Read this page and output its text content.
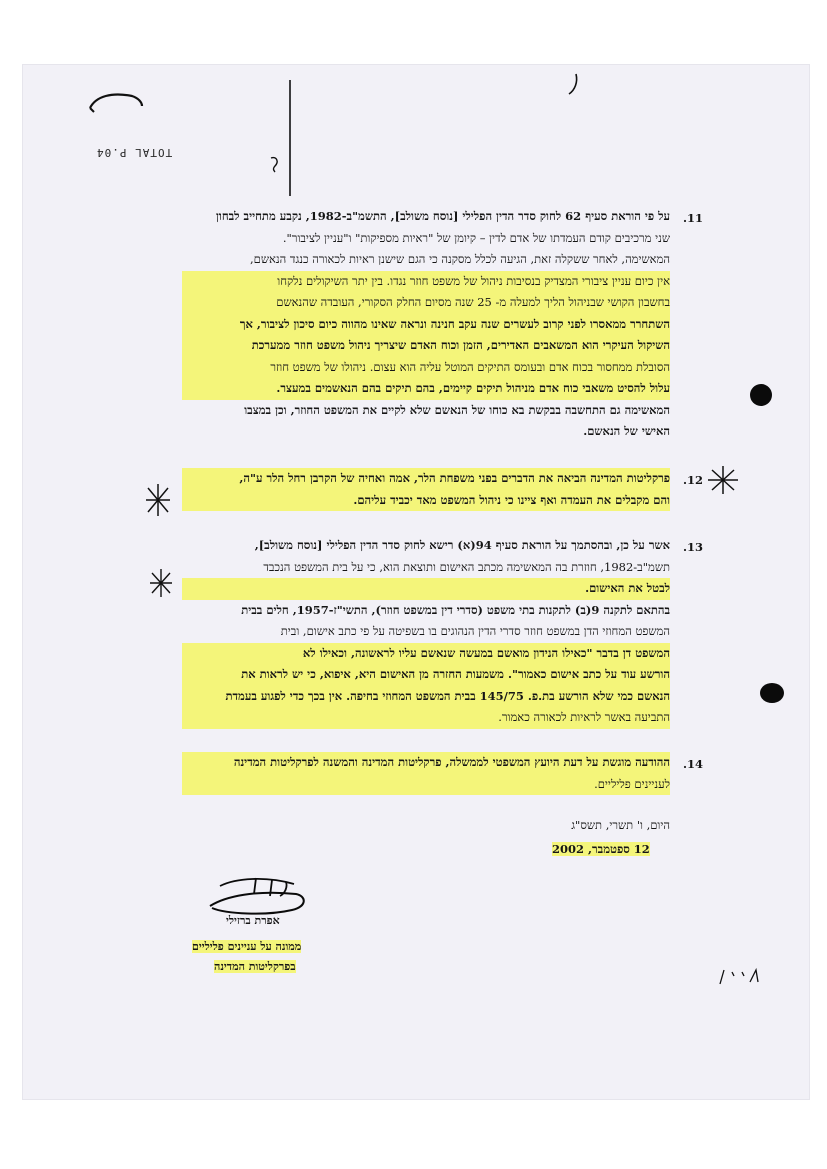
TOTAL P.04
.11
על פי הוראת סעיף 62 לחוק סדר הדין הפלילי [נוסח משולב], התשמ"ב-1982, נקבע מתחייב לבחון
שני מרכיבים קודם העמדתו של אדם לדין – קיומן של "ראיות מספיקות" ו"עניין לציבור".
המאשימה, לאחר ששקלה זאת, הגיעה לכלל מסקנה כי הגם שישנן ראיות לכאורה כנגד הנאשם,
אין כיום עניין ציבורי המצדיק בנסיבות ניהול של משפט חוזר נגדו. בין יתר השיקולים נלקחו
בחשבון הקושי שבניהול הליך למעלה מ- 25 שנה מסיום החלק הסקורי, העובדה שהנאשם
השתחרר ממאסרו לפני קרוב לעשרים שנה עקב חנינה ונראה שאינו מהווה כיום סיכון לציבור, אך
השיקול העיקרי הוא המשאבים האדירים, הזמן וכוח האדם שיצריך ניהול משפט חוזר ממערכת
הסובלת ממחסור בכוח אדם ובעומס התיקים המוטל עליה הוא עצום. ניהולו של משפט חוזר
עלול להסיט משאבי כוח אדם מניהול תיקים קיימים, בהם תיקים בהם הנאשמים במעצר.
המאשימה גם התחשבה בבקשת בא כוחו של הנאשם שלא לקיים את המשפט החוזר, וכן במצבו
האישי של הנאשם.
.12
פרקליטות המדינה הביאה את הדברים בפני משפחת הלר, אמה ואחיה של הקרבן רחל הלר ע"ה,
והם מקבלים את העמדה ואף ציינו כי ניהול המשפט מאד יכביד עליהם.
.13
אשר על כן, ובהסתמך על הוראת סעיף 94(א) רישא לחוק סדר הדין הפלילי [נוסח משולב],
תשמ"ב-1982, חוזרת בה המאשימה מכתב האישום ותוצאת הוא, כי על בית המשפט הנכבד
לבטל את האישום.
בהתאם לתקנה 9(ב) לתקנות בתי משפט (סדרי דין במשפט חוזר), התשי"ז-1957, חלים בבית
המשפט המחוזי הדן במשפט חוזר סדרי הדין הנהוגים בו בשפיטה על פי כתב אישום, ובית
המשפט דן בדבר "כאילו הנידון מואשם במעשה שנאשם עליו לראשונה, וכאילו לא
הורשע עוד על כתב אישום כאמור". משמעות החזרה מן האישום היא, איפוא, כי יש לראות את
הנאשם כמי שלא הורשע בת.פ. 145/75 בבית המשפט המחוזי בחיפה. אין בכך כדי לפגוע בעמדת
התביעה באשר לראיות לכאורה כאמור.
.14
ההודעה מוגשת על דעת היועץ המשפטי לממשלה, פרקליטות המדינה והמשנה לפרקליטות המדינה
לעניינים פליליים.
היום, ו' תשרי, תשס"ג
12 ספטמבר, 2002
אפרת ברזילי
ממונה על עניינים פליליים
בפרקליטות המדינה
